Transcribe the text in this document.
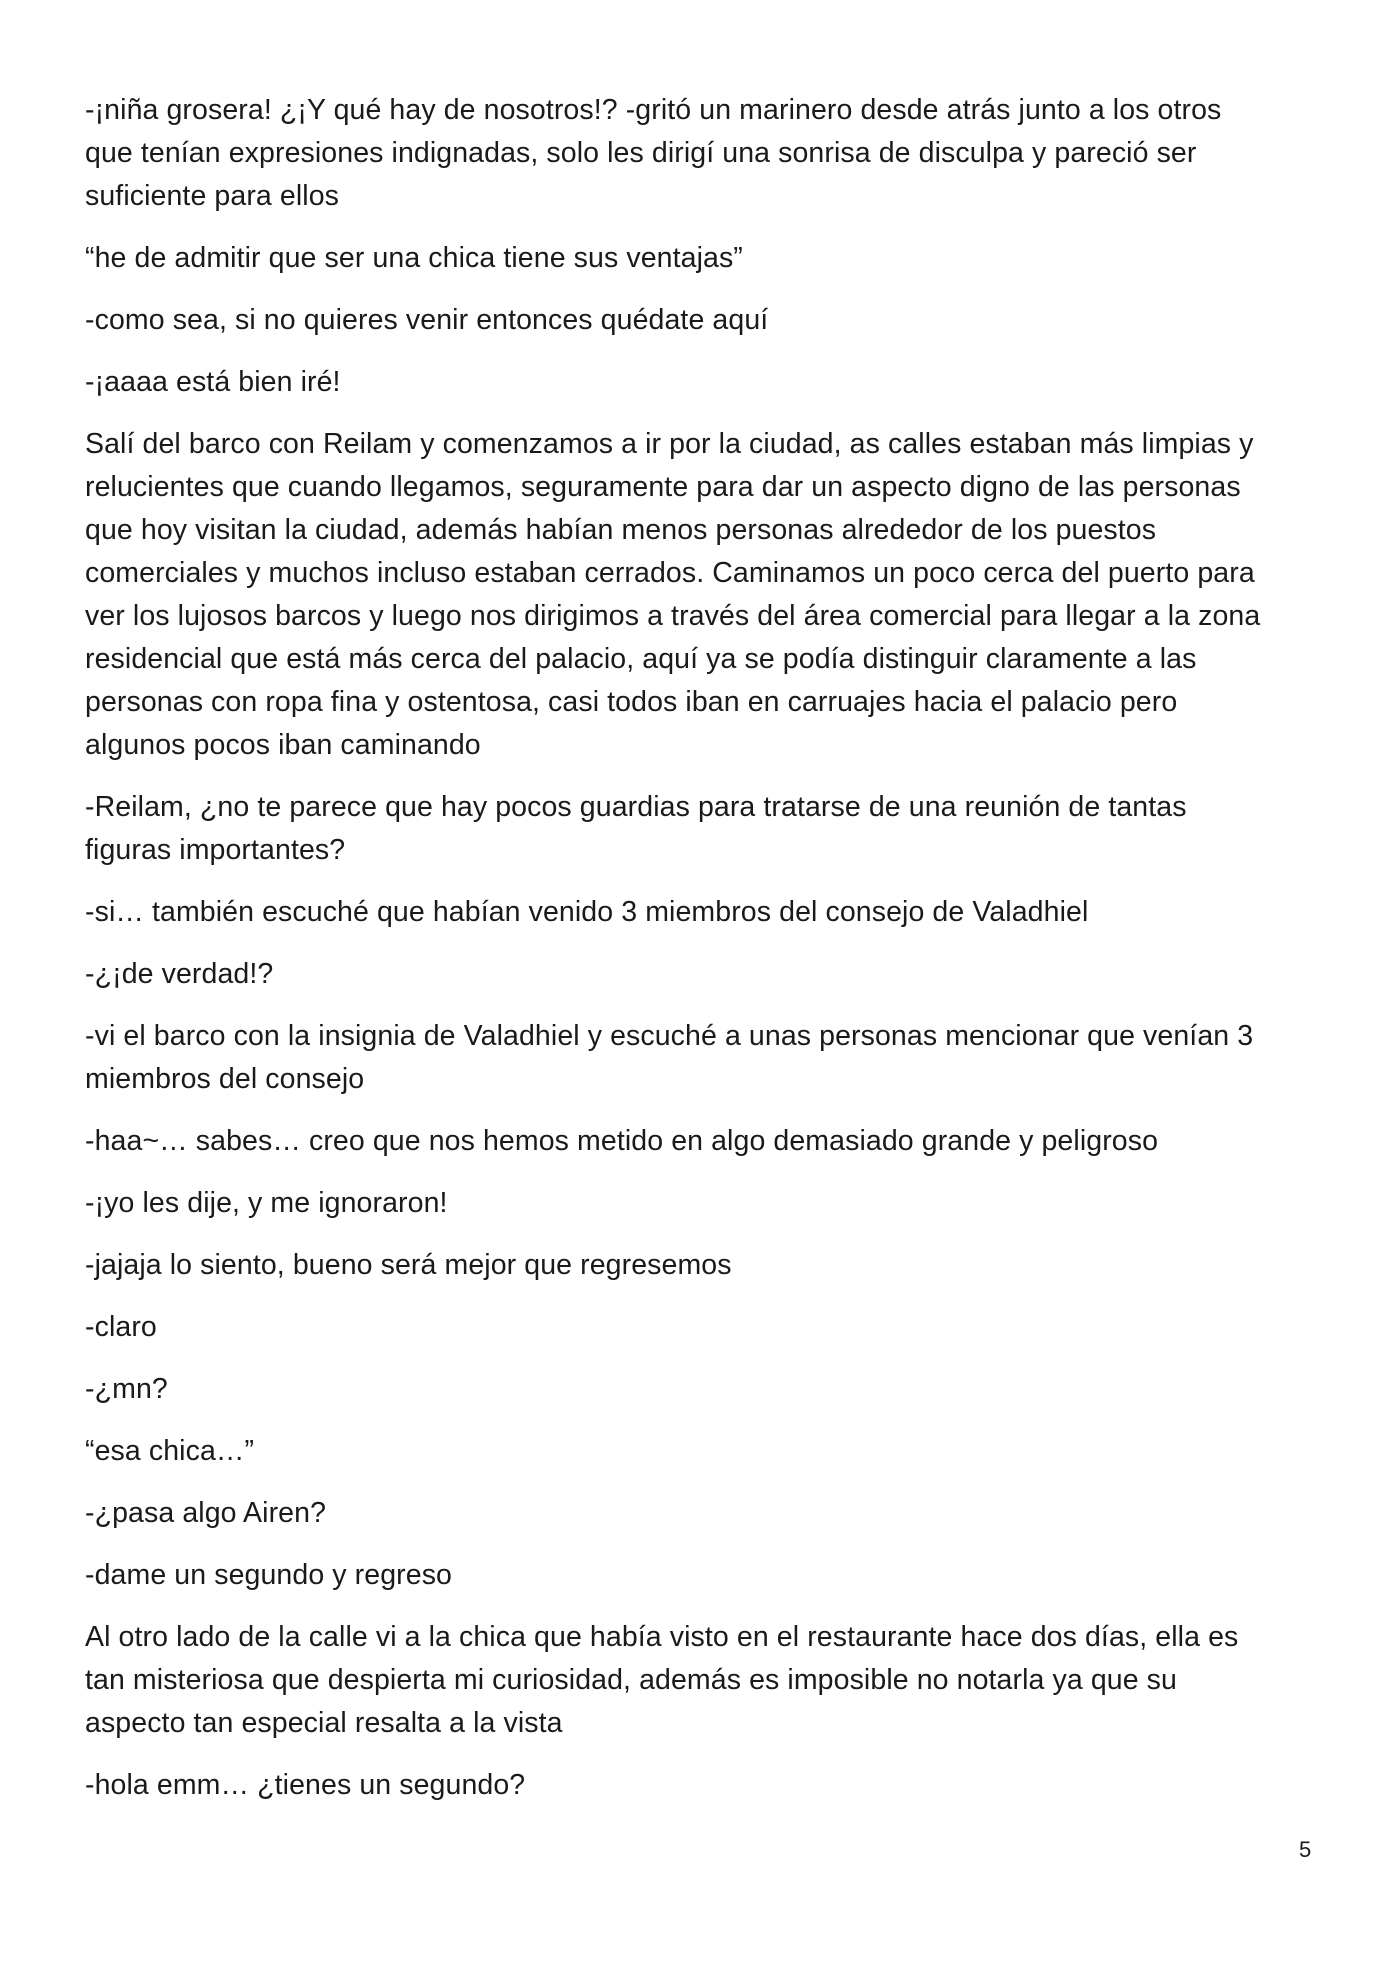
-¡niña grosera! ¿¡Y qué hay de nosotros!? -gritó un marinero desde atrás junto a los otros
que tenían expresiones indignadas, solo les dirigí una sonrisa de disculpa y pareció ser
suficiente para ellos
“he de admitir que ser una chica tiene sus ventajas”
-como sea, si no quieres venir entonces quédate aquí
-¡aaaa está bien iré!
Salí del barco con Reilam y comenzamos a ir por la ciudad, as calles estaban más limpias y
relucientes que cuando llegamos, seguramente para dar un aspecto digno de las personas
que hoy visitan la ciudad, además habían menos personas alrededor de los puestos
comerciales y muchos incluso estaban cerrados. Caminamos un poco cerca del puerto para
ver los lujosos barcos y luego nos dirigimos a través del área comercial para llegar a la zona
residencial que está más cerca del palacio, aquí ya se podía distinguir claramente a las
personas con ropa fina y ostentosa, casi todos iban en carruajes hacia el palacio pero
algunos pocos iban caminando
-Reilam, ¿no te parece que hay pocos guardias para tratarse de una reunión de tantas
figuras importantes?
-si… también escuché que habían venido 3 miembros del consejo de Valadhiel
-¿¡de verdad!?
-vi el barco con la insignia de Valadhiel y escuché a unas personas mencionar que venían 3
miembros del consejo
-haa~… sabes… creo que nos hemos metido en algo demasiado grande y peligroso
-¡yo les dije, y me ignoraron!
-jajaja lo siento, bueno será mejor que regresemos
-claro
-¿mn?
“esa chica…”
-¿pasa algo Airen?
-dame un segundo y regreso
Al otro lado de la calle vi a la chica que había visto en el restaurante hace dos días, ella es
tan misteriosa que despierta mi curiosidad, además es imposible no notarla ya que su
aspecto tan especial resalta a la vista
-hola emm… ¿tienes un segundo?
5
